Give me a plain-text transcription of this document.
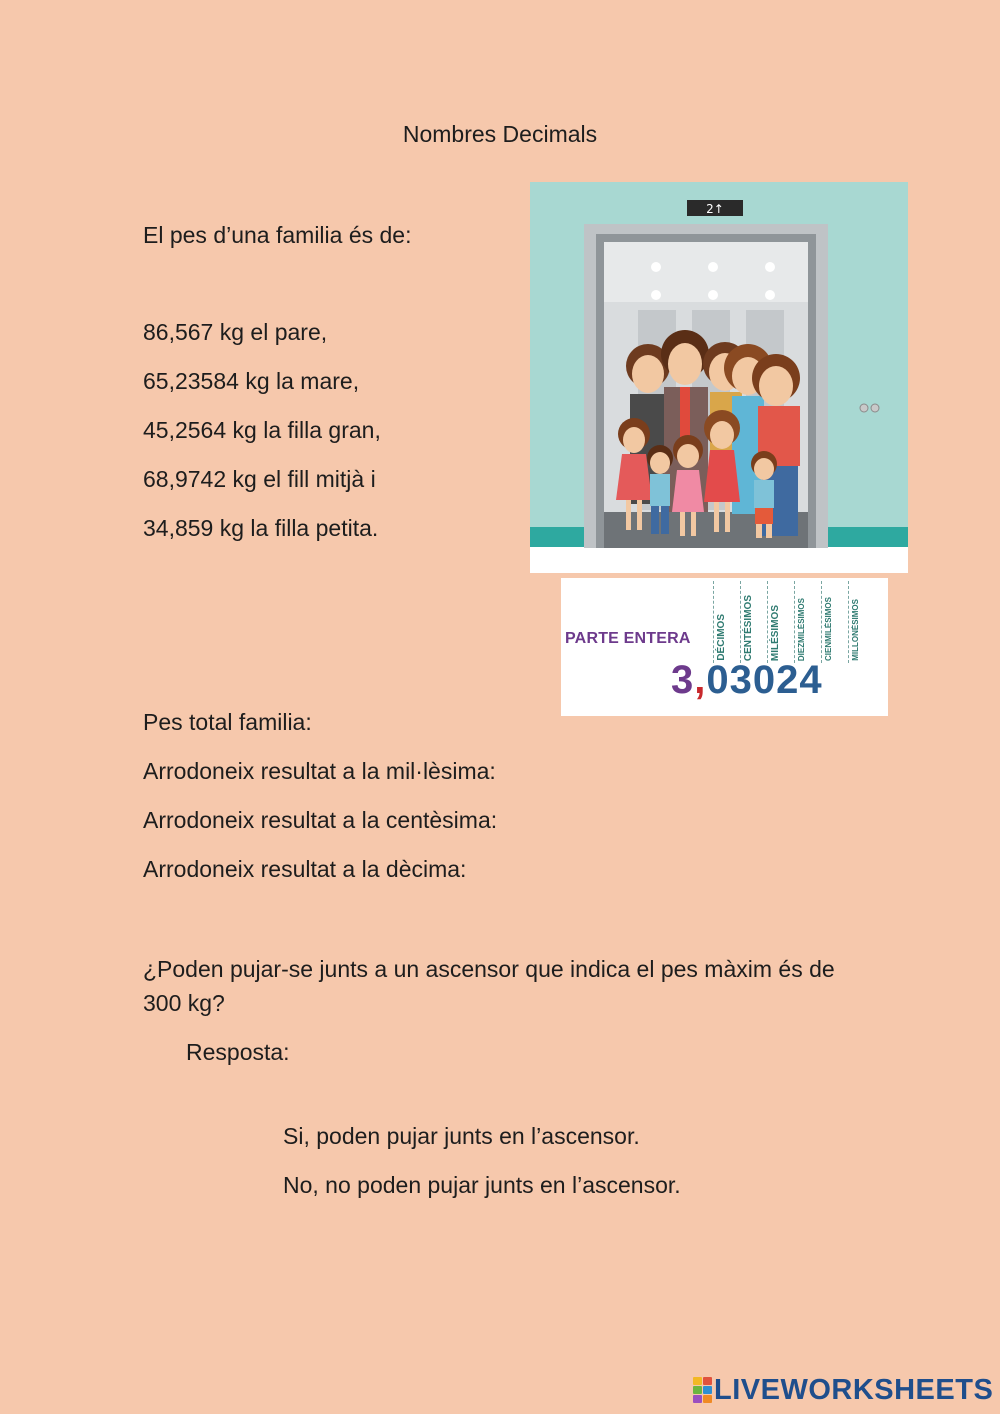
Nombres Decimals
El pes d’una familia és de:
86,567 kg el pare,
65,23584 kg la mare,
45,2564 kg la filla gran,
68,9742 kg el fill mitjà i
34,859 kg la filla petita.
2↑
PARTE ENTERA	DÉCIMOS CENTÉSIMOS MILÉSIMOS DIEZMILÉSIMOS CIENMILÉSIMOS MILLONÉSIMOS
3,03024
Pes total familia:
Arrodoneix resultat a la mil·lèsima:
Arrodoneix resultat a la centèsima:
Arrodoneix resultat a la dècima:
¿Poden pujar-se junts a un ascensor que indica el pes màxim és de 300 kg?
Resposta:
Si, poden pujar junts en l’ascensor.
No, no poden pujar junts en l’ascensor.
LIVEWORKSHEETS
